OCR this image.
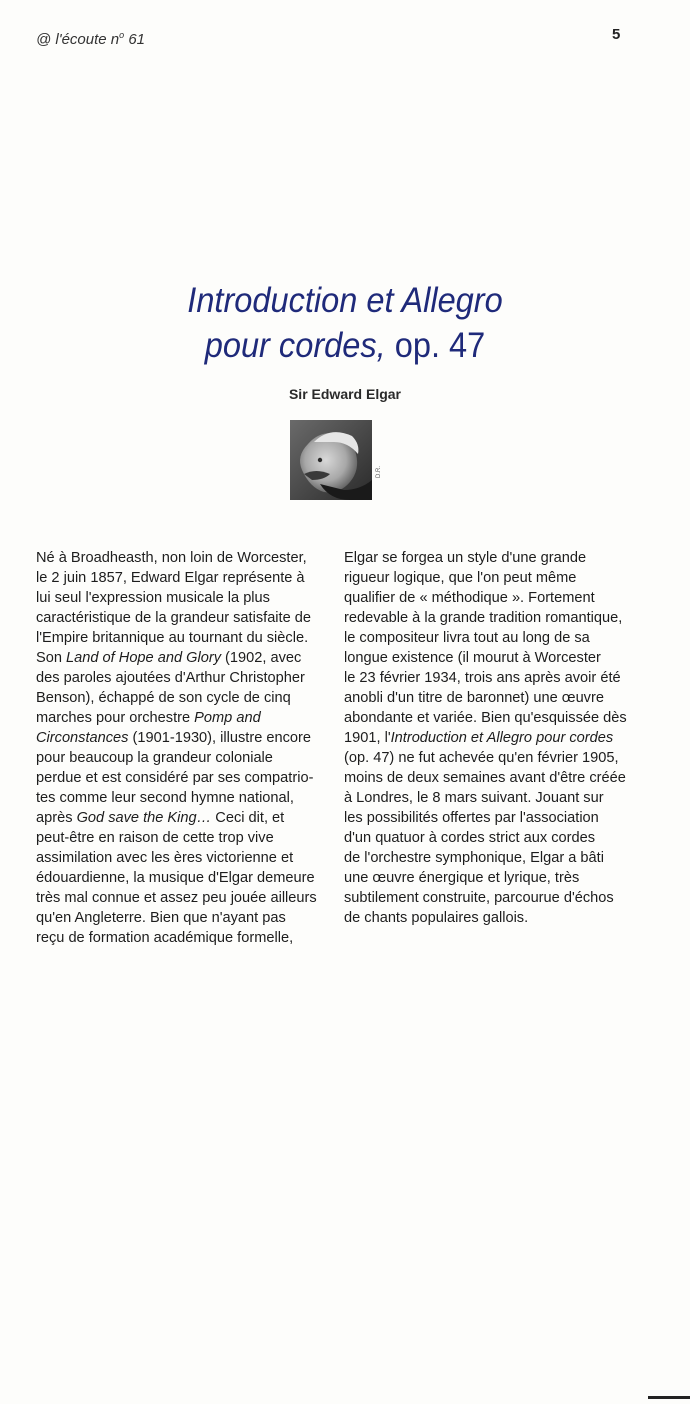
@ l'écoute $n^o$ 61	5
Introduction et Allegro
pour cordes, op. 47
Sir Edward Elgar
D.R.

Né à Broadheasth, non loin de Worcester,
le 2 juin 1857, Edward Elgar représente à
lui seul l'expression musicale la plus
caractéristique de la grandeur satisfaite de
l'Empire britannique au tournant du siècle.
Son Land of Hope and Glory (1902, avec
des paroles ajoutées d'Arthur Christopher
Benson), échappé de son cycle de cinq
marches pour orchestre Pomp and
Circonstances (1901-1930), illustre encore
pour beaucoup la grandeur coloniale
perdue et est considéré par ses compatrio-
tes comme leur second hymne national,
après God save the King… Ceci dit, et
peut-être en raison de cette trop vive
assimilation avec les ères victorienne et
édouardienne, la musique d'Elgar demeure
très mal connue et assez peu jouée ailleurs
qu'en Angleterre. Bien que n'ayant pas
reçu de formation académique formelle,

Elgar se forgea un style d'une grande
rigueur logique, que l'on peut même
qualifier de « méthodique ». Fortement
redevable à la grande tradition romantique,
le compositeur livra tout au long de sa
longue existence (il mourut à Worcester
le 23 février 1934, trois ans après avoir été
anobli d'un titre de baronnet) une œuvre
abondante et variée. Bien qu'esquissée dès
1901, l'Introduction et Allegro pour cordes
(op. 47) ne fut achevée qu'en février 1905,
moins de deux semaines avant d'être créée
à Londres, le 8 mars suivant. Jouant sur
les possibilités offertes par l'association
d'un quatuor à cordes strict aux cordes
de l'orchestre symphonique, Elgar a bâti
une œuvre énergique et lyrique, très
subtilement construite, parcourue d'échos
de chants populaires gallois.
